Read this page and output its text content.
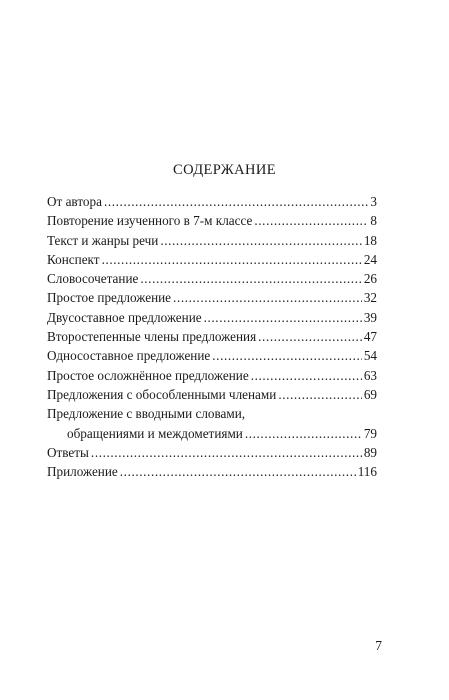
СОДЕРЖАНИЕ
От автора .....	3
Повторение изученного в 7-м классе .....	8
Текст и жанры речи .....	18
Конспект .....	24
Словосочетание .....	26
Простое предложение .....	32
Двусоставное предложение .....	39
Второстепенные члены предложения .....	47
Односоставное предложение .....	54
Простое осложнённое предложение .....	63
Предложения с обособленными членами .....	69
Предложение с вводными словами,
обращениями и междометиями .....	79
Ответы .....	89
Приложение .....	116
7
